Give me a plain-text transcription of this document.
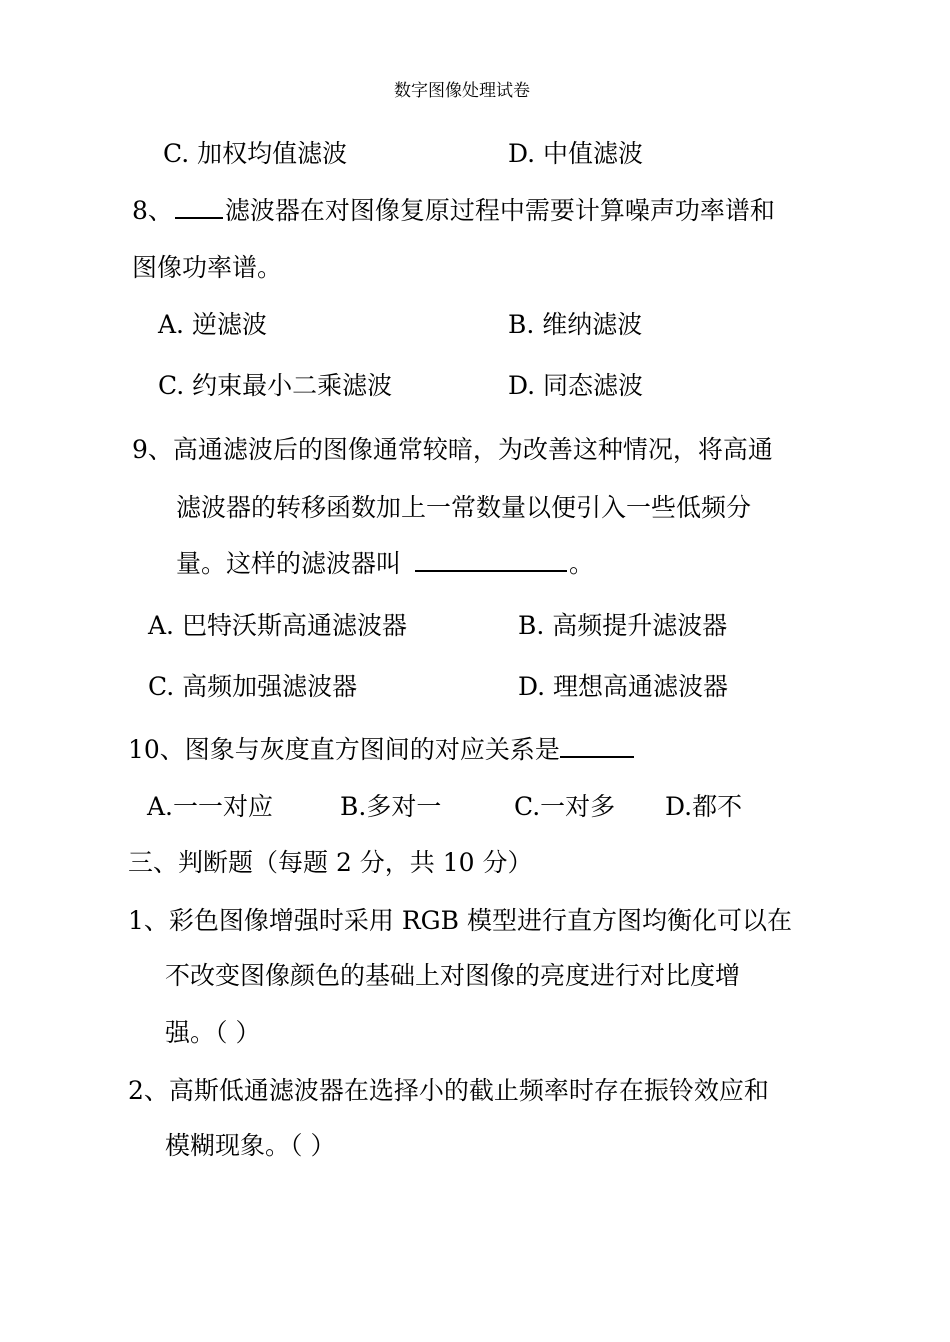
数字图像处理试卷
C. 加权均值滤波	D. 中值滤波
8、 滤波器在对图像复原过程中需要计算噪声功率谱和
图像功率谱。
A. 逆滤波	B. 维纳滤波
C. 约束最小二乘滤波	D. 同态滤波
9、高通滤波后的图像通常较暗，为改善这种情况，将高通
滤波器的转移函数加上一常数量以便引入一些低频分
量。这样的滤波器叫	。
A. 巴特沃斯高通滤波器	B. 高频提升滤波器
C. 高频加强滤波器	D. 理想高通滤波器
10、图象与灰度直方图间的对应关系是
A.一一对应	B.多对一	C.一对多 D.都不
三、判断题（每题 2 分，共 10 分）
1、彩色图像增强时采用 RGB 模型进行直方图均衡化可以在
不改变图像颜色的基础上对图像的亮度进行对比度增
强。（ ）
2、高斯低通滤波器在选择小的截止频率时存在振铃效应和
模糊现象。（ ）
